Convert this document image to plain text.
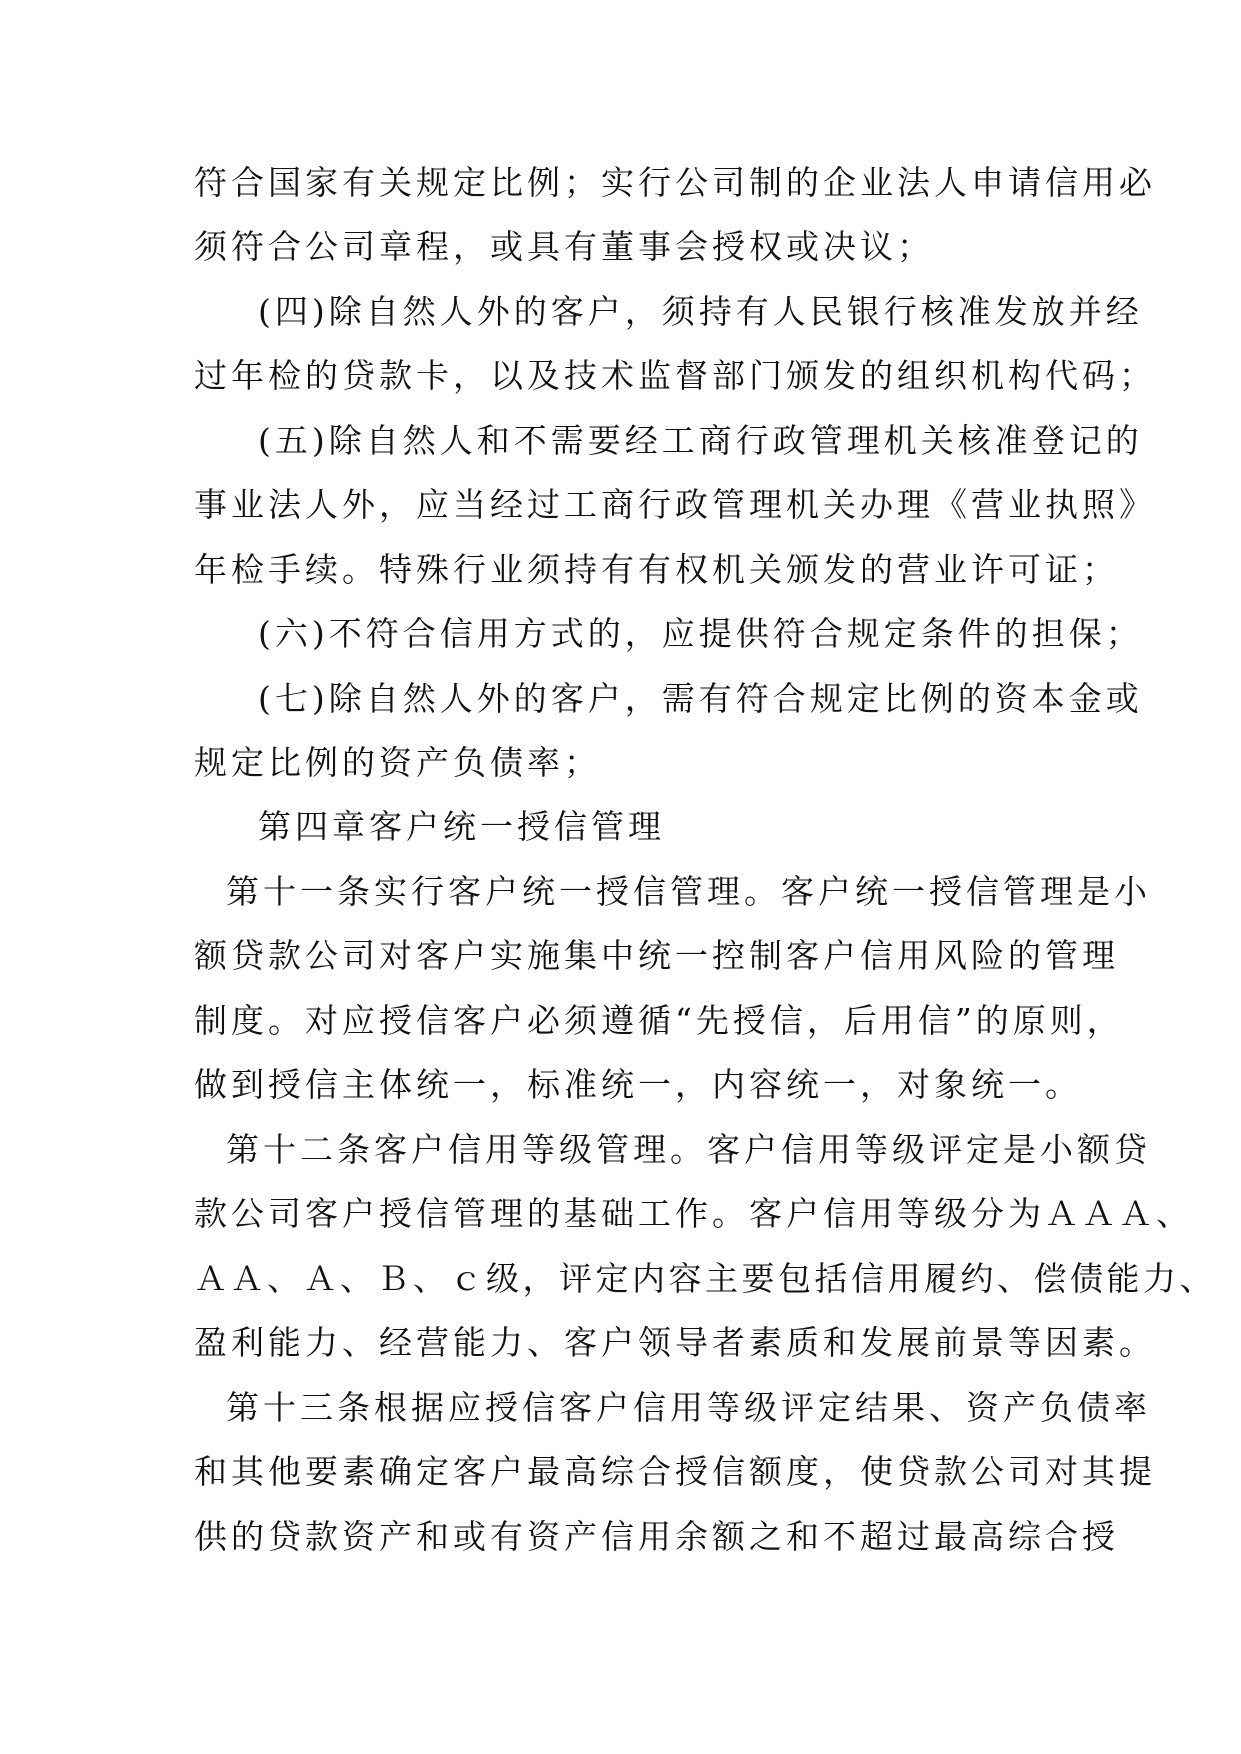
符合国家有关规定比例；实行公司制的企业法人申请信用必
须符合公司章程，或具有董事会授权或决议；
(四)除自然人外的客户，须持有人民银行核准发放并经
过年检的贷款卡，以及技术监督部门颁发的组织机构代码；
(五)除自然人和不需要经工商行政管理机关核准登记的
事业法人外，应当经过工商行政管理机关办理《营业执照》
年检手续。特殊行业须持有有权机关颁发的营业许可证；
(六)不符合信用方式的，应提供符合规定条件的担保；
(七)除自然人外的客户，需有符合规定比例的资本金或
规定比例的资产负债率；
第四章客户统一授信管理
第十一条实行客户统一授信管理。客户统一授信管理是小
额贷款公司对客户实施集中统一控制客户信用风险的管理
制度。对应授信客户必须遵循“先授信，后用信”的原则，
做到授信主体统一，标准统一，内容统一，对象统一。
第十二条客户信用等级管理。客户信用等级评定是小额贷
款公司客户授信管理的基础工作。客户信用等级分为ＡＡＡ、
ＡＡ、Ａ、Ｂ、ｃ级，评定内容主要包括信用履约、偿债能力、
盈利能力、经营能力、客户领导者素质和发展前景等因素。
第十三条根据应授信客户信用等级评定结果、资产负债率
和其他要素确定客户最高综合授信额度，使贷款公司对其提
供的贷款资产和或有资产信用余额之和不超过最高综合授
